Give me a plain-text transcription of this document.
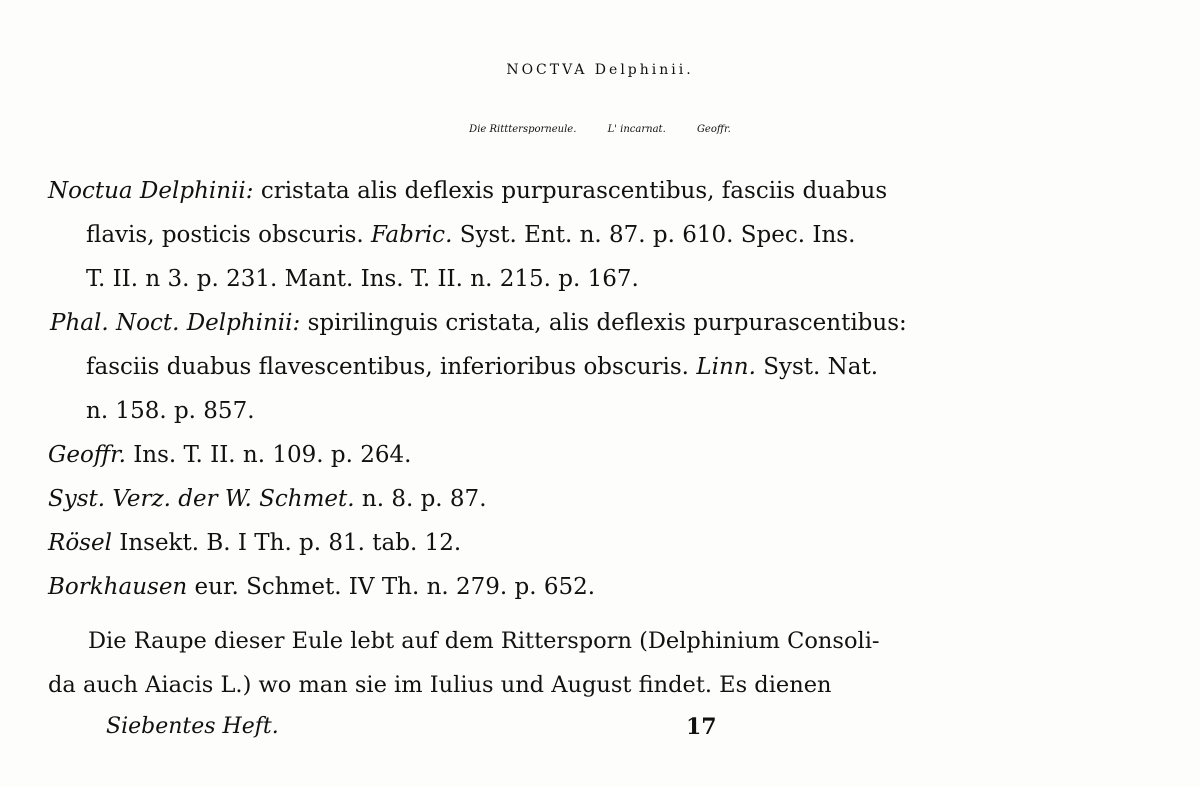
NOCTVA Delphinii.
Die Ritttersporneule.	L' incarnat.	Geoffr.
Noctua Delphinii: cristata alis deflexis purpurascentibus, fasciis duabus
flavis, posticis obscuris. Fabric. Syst. Ent. n. 87. p. 610. Spec. Ins.
T. II. n 3. p. 231. Mant. Ins. T. II. n. 215. p. 167.
Phal. Noct. Delphinii: spirilinguis cristata, alis deflexis purpurascentibus:
fasciis duabus flavescentibus, inferioribus obscuris. Linn. Syst. Nat.
n. 158. p. 857.
Geoffr. Ins. T. II. n. 109. p. 264.
Syst. Verz. der W. Schmet. n. 8. p. 87.
Rösel Insekt. B. I Th. p. 81. tab. 12.
Borkhausen eur. Schmet. IV Th. n. 279. p. 652.
Die Raupe dieser Eule lebt auf dem Rittersporn (Delphinium Consoli-
da auch Aiacis L.) wo man sie im Iulius und August findet. Es dienen
Siebentes Heft.	17
